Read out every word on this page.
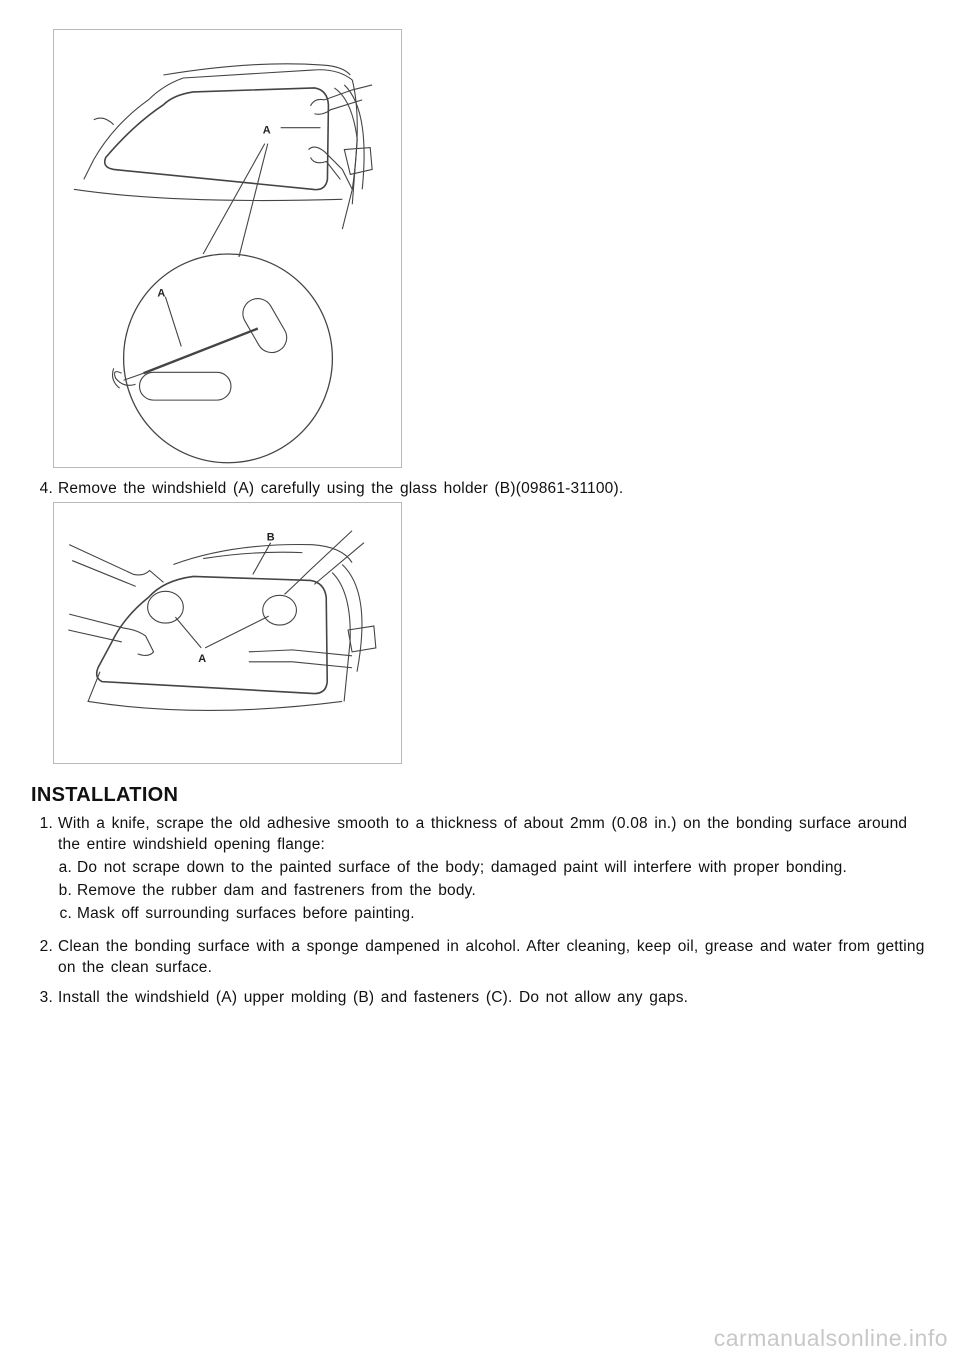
A
A
4. Remove the windshield (A) carefully using the glass holder (B)(09861-31100).
B
A
INSTALLATION
1. With a knife, scrape the old adhesive smooth to a thickness of about 2mm (0.08 in.) on the bonding surface around the entire windshield opening flange:
a. Do not scrape down to the painted surface of the body; damaged paint will interfere with proper bonding.
b. Remove the rubber dam and fastreners from the body.
c. Mask off surrounding surfaces before painting.
2. Clean the bonding surface with a sponge dampened in alcohol. After cleaning, keep oil, grease and water from getting on the clean surface.
3. Install the windshield (A) upper molding (B) and fasteners (C). Do not allow any gaps.
carmanualsonline.info
